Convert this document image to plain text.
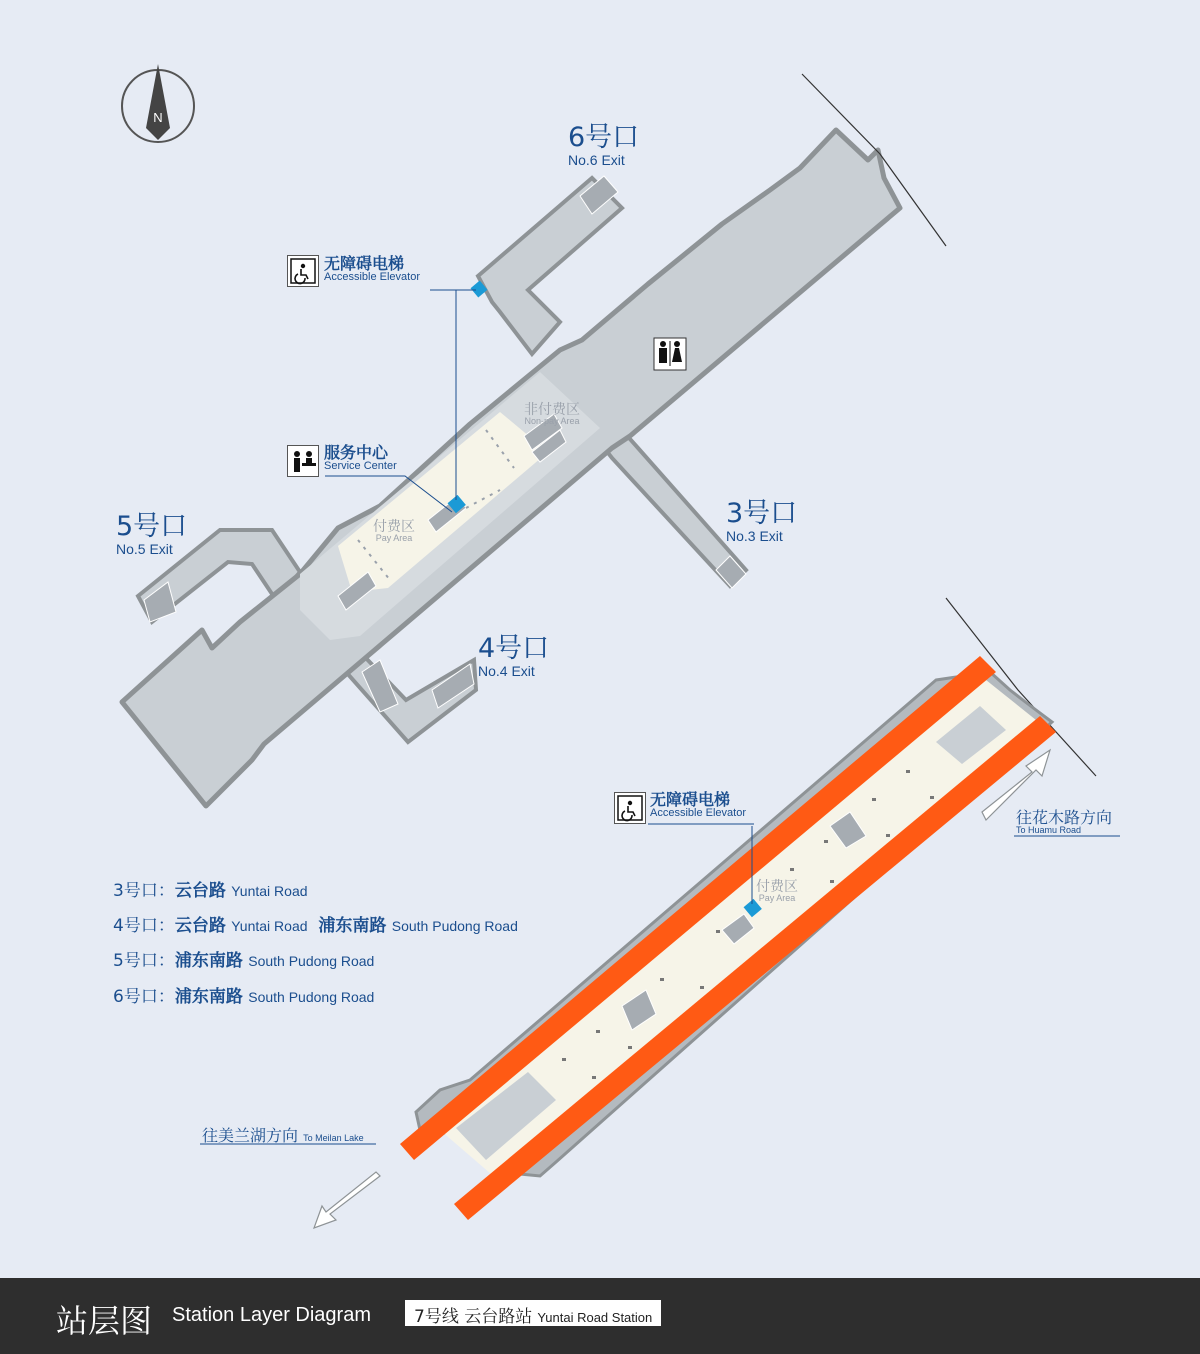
N
6号口
No.6 Exit
5号口
No.5 Exit
3号口
No.3 Exit
4号口
No.4 Exit
无障碍电梯
Accessible Elevator
服务中心
Service Center
非付费区
Non-pay Area
付费区
Pay Area
无障碍电梯
Accessible Elevator
付费区
Pay Area
往花木路方向
To Huamu Road
往美兰湖方向 To Meilan Lake
3号口：云台路 Yuntai Road
4号口：云台路 Yuntai Road 浦东南路 South Pudong Road
5号口：浦东南路 South Pudong Road
6号口：浦东南路 South Pudong Road
站层图 Station Layer Diagram	7号线 云台路站 Yuntai Road Station
